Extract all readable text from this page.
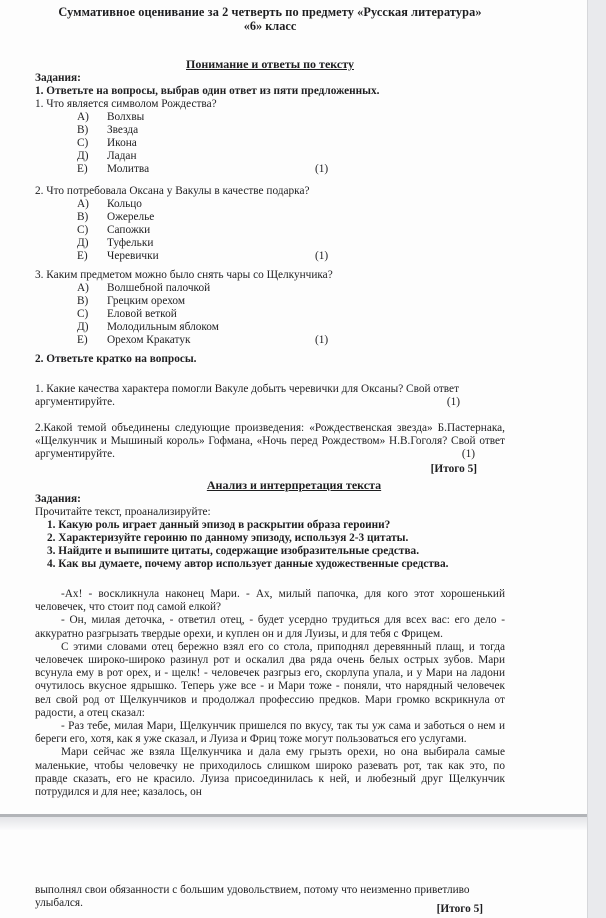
Суммативное оценивание за 2 четверть по предмету «Русская литература»
«6» класс
Понимание и ответы по тексту
Задания:
1. Ответьте на вопросы, выбрав один ответ из пяти предложенных.
1. Что является символом Рождества?
А) Волхвы
В) Звезда
С) Икона
Д) Ладан
Е) Молитва	(1)
2. Что потребовала Оксана у Вакулы в качестве подарка?
А) Кольцо
В) Ожерелье
С) Сапожки
Д) Туфельки
Е) Черевички	(1)
3. Каким предметом можно было снять чары со Щелкунчика?
А) Волшебной палочкой
В) Грецким орехом
С) Еловой веткой
Д) Молодильным яблоком
Е) Орехом Кракатук	(1)
2. Ответьте кратко на вопросы.
1. Какие качества характера помогли Вакуле добыть черевички для Оксаны? Свой ответ аргументируйте.	(1)
2.Какой темой объединены следующие произведения: «Рождественская звезда» Б.Пастернака, «Щелкунчик и Мышиный король» Гофмана, «Ночь перед Рождеством» Н.В.Гоголя? Свой ответ аргументируйте.	(1)
[Итого 5]
Анализ и интерпретация текста
Задания:
Прочитайте текст, проанализируйте:
1. Какую роль играет данный эпизод в раскрытии образа героини?
2. Характеризуйте героиню по данному эпизоду, используя 2-3 цитаты.
3. Найдите и выпишите цитаты, содержащие изобразительные средства.
4. Как вы думаете, почему автор использует данные художественные средства.

-Ах! - воскликнула наконец Мари. - Ах, милый папочка, для кого этот хорошенький человечек, что стоит под самой елкой?

- Он, милая деточка, - ответил отец, - будет усердно трудиться для всех вас: его дело - аккуратно разгрызать твердые орехи, и куплен он и для Луизы, и для тебя с Фрицем.

С этими словами отец бережно взял его со стола, приподнял деревянный плащ, и тогда человечек широко-широко разинул рот и оскалил два ряда очень белых острых зубов. Мари всунула ему в рот орех, и - щелк! - человечек разгрыз его, скорлупа упала, и у Мари на ладони очутилось вкусное ядрышко. Теперь уже все - и Мари тоже - поняли, что нарядный человечек вел свой род от Щелкунчиков и продолжал профессию предков. Мари громко вскрикнула от радости, а отец сказал:

- Раз тебе, милая Мари, Щелкунчик пришелся по вкусу, так ты уж сама и заботься о нем и береги его, хотя, как я уже сказал, и Луиза и Фриц тоже могут пользоваться его услугами.

Мари сейчас же взяла Щелкунчика и дала ему грызть орехи, но она выбирала самые маленькие, чтобы человечку не приходилось слишком широко разевать рот, так как это, по правде сказать, его не красило. Луиза присоединилась к ней, и любезный друг Щелкунчик потрудился и для нее; казалось, он

выполнял свои обязанности с большим удовольствием, потому что неизменно приветливо улыбался.	[Итого 5]
